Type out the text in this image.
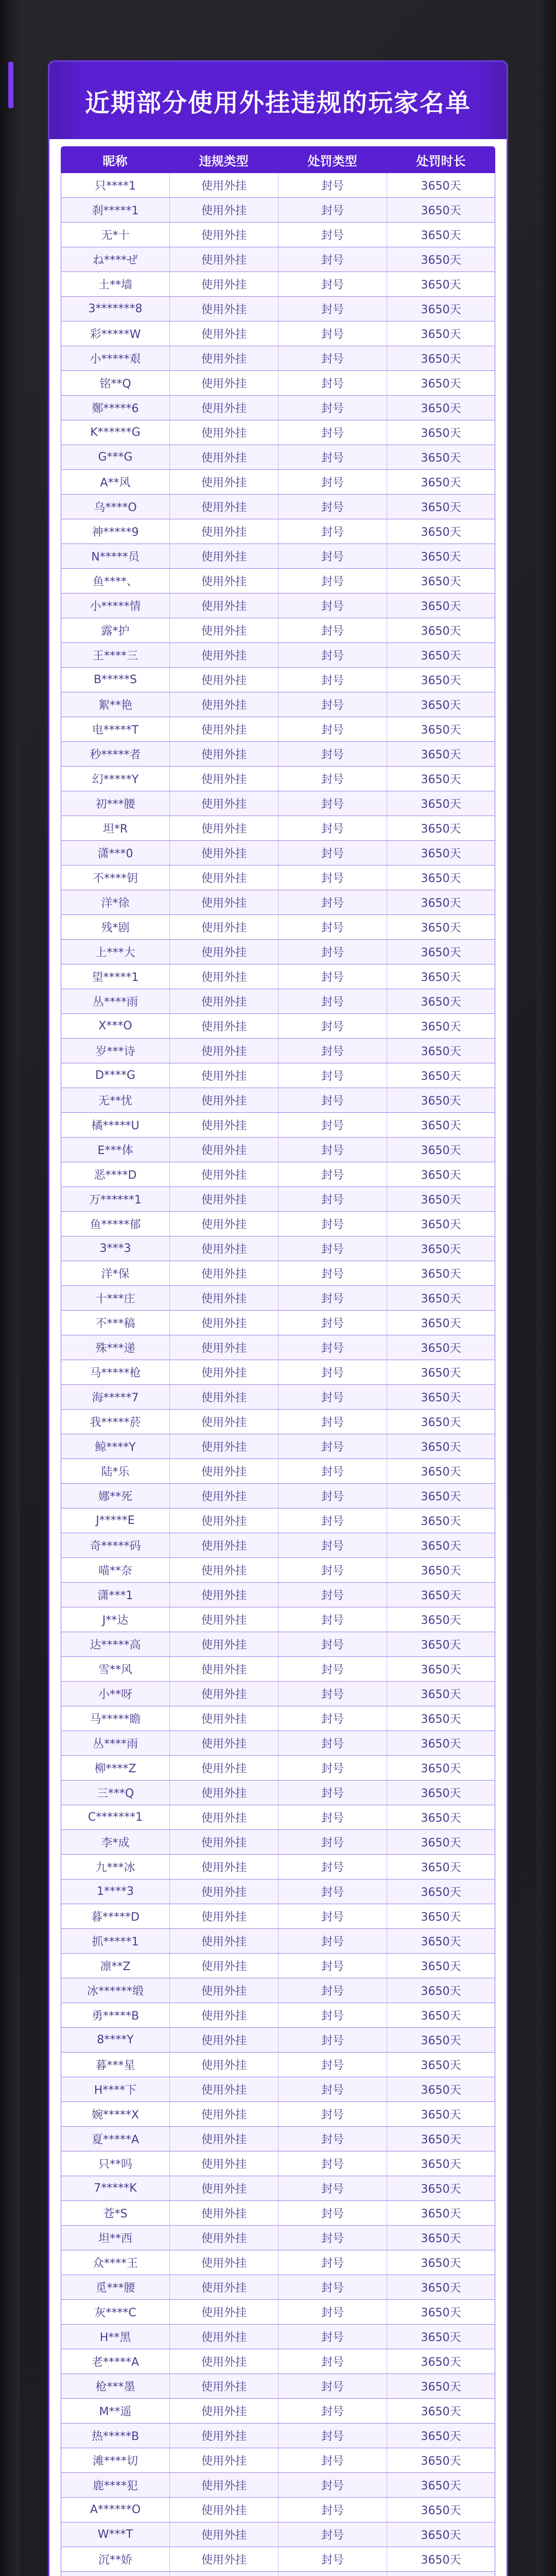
近期部分使用外挂违规的玩家名单
昵称	违规类型	处罚类型	处罚时长
只****1	使用外挂	封号	3650天
刹*****1	使用外挂	封号	3650天
无*十	使用外挂	封号	3650天
ね****ぜ	使用外挂	封号	3650天
土**墙	使用外挂	封号	3650天
3*******8	使用外挂	封号	3650天
彩*****W	使用外挂	封号	3650天
小*****艰	使用外挂	封号	3650天
铭**Q	使用外挂	封号	3650天
鄭*****6	使用外挂	封号	3650天
K******G	使用外挂	封号	3650天
G***G	使用外挂	封号	3650天
A**风	使用外挂	封号	3650天
乌****O	使用外挂	封号	3650天
神*****9	使用外挂	封号	3650天
N*****员	使用外挂	封号	3650天
鱼****、	使用外挂	封号	3650天
小*****情	使用外挂	封号	3650天
露*护	使用外挂	封号	3650天
王****三	使用外挂	封号	3650天
B*****S	使用外挂	封号	3650天
絮**艳	使用外挂	封号	3650天
电*****T	使用外挂	封号	3650天
秒*****者	使用外挂	封号	3650天
幻*****Y	使用外挂	封号	3650天
初***腰	使用外挂	封号	3650天
坦*R	使用外挂	封号	3650天
潇***0	使用外挂	封号	3650天
不****钥	使用外挂	封号	3650天
洋*徐	使用外挂	封号	3650天
残*剧	使用外挂	封号	3650天
上***大	使用外挂	封号	3650天
望*****1	使用外挂	封号	3650天
丛****雨	使用外挂	封号	3650天
X***O	使用外挂	封号	3650天
岁***诗	使用外挂	封号	3650天
D****G	使用外挂	封号	3650天
无**忧	使用外挂	封号	3650天
橘*****U	使用外挂	封号	3650天
E***体	使用外挂	封号	3650天
恶****D	使用外挂	封号	3650天
万******1	使用外挂	封号	3650天
鱼*****郁	使用外挂	封号	3650天
3***3	使用外挂	封号	3650天
洋*保	使用外挂	封号	3650天
十***庄	使用外挂	封号	3650天
不***稿	使用外挂	封号	3650天
殊***递	使用外挂	封号	3650天
马*****枪	使用外挂	封号	3650天
海*****7	使用外挂	封号	3650天
我*****菸	使用外挂	封号	3650天
鲸****Y	使用外挂	封号	3650天
陆*乐	使用外挂	封号	3650天
娜**死	使用外挂	封号	3650天
J*****E	使用外挂	封号	3650天
奇*****码	使用外挂	封号	3650天
喵**奈	使用外挂	封号	3650天
潇***1	使用外挂	封号	3650天
J**达	使用外挂	封号	3650天
达*****高	使用外挂	封号	3650天
雪**风	使用外挂	封号	3650天
小**呀	使用外挂	封号	3650天
马*****瞻	使用外挂	封号	3650天
丛****雨	使用外挂	封号	3650天
柳****Z	使用外挂	封号	3650天
三***Q	使用外挂	封号	3650天
C*******1	使用外挂	封号	3650天
李*成	使用外挂	封号	3650天
九***冰	使用外挂	封号	3650天
1****3	使用外挂	封号	3650天
暮*****D	使用外挂	封号	3650天
抓*****1	使用外挂	封号	3650天
凛**Z	使用外挂	封号	3650天
冰******缎	使用外挂	封号	3650天
勇*****B	使用外挂	封号	3650天
8****Y	使用外挂	封号	3650天
暮***星	使用外挂	封号	3650天
H****下	使用外挂	封号	3650天
婉*****X	使用外挂	封号	3650天
夏*****A	使用外挂	封号	3650天
只**吗	使用外挂	封号	3650天
7*****K	使用外挂	封号	3650天
苍*S	使用外挂	封号	3650天
坦**西	使用外挂	封号	3650天
众****王	使用外挂	封号	3650天
觅***腰	使用外挂	封号	3650天
灰****C	使用外挂	封号	3650天
H**黑	使用外挂	封号	3650天
老*****A	使用外挂	封号	3650天
枪***墨	使用外挂	封号	3650天
M**遥	使用外挂	封号	3650天
热*****B	使用外挂	封号	3650天
滩****切	使用外挂	封号	3650天
鹿****犯	使用外挂	封号	3650天
A******O	使用外挂	封号	3650天
W***T	使用外挂	封号	3650天
沉**娇	使用外挂	封号	3650天
